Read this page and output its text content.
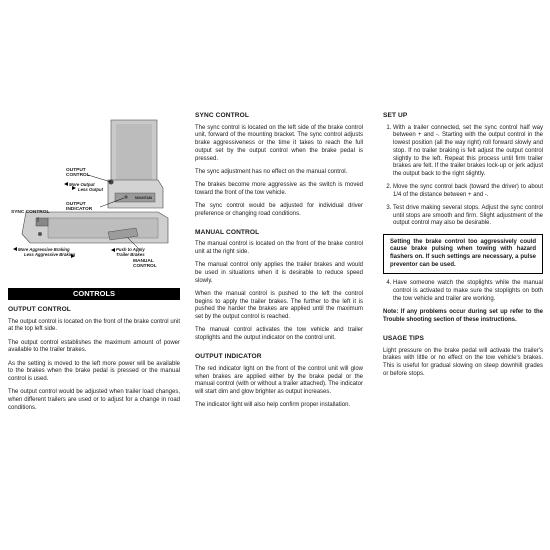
OUTPUT
CONTROL
More Output
Less Output
OUTPUT
INDICATOR
SYNC CONTROL
More Aggressive Braking
Less Aggressive Braking
Push to Apply
Trailer Brakes
MANUAL
CONTROL
MOUNTAIN
CONTROLS
OUTPUT CONTROL

The output control is located on the front of the brake control unit at the top left side.

The output control establishes the maximum amount of power available to the trailer brakes.

As the setting is moved to the left more power will be available to the brakes when the brake pedal is pressed or the manual control is used.

The output control would be adjusted when trailer load changes, when different trailers are used or to adjust for a change in road conditions.

SYNC CONTROL

The sync control is located on the left side of the brake control unit, forward of the mounting bracket. The sync control adjusts brake aggressiveness or the time it takes to reach the full output set by the output control when the brake pedal is pressed.

The sync adjustment has no effect on the manual control.

The brakes become more aggressive as the switch is moved toward the front of the tow vehicle.

The sync control would be adjusted for individual driver preference or changing road conditions.

MANUAL CONTROL

The manual control is located on the front of the brake control unit at the right side.

The manual control only applies the trailer brakes and would be used in situations when it is desirable to reduce speed slowly.

When the manual control is pushed to the left the control begins to apply the trailer brakes. The further to the left it is pushed the harder the brakes are applied until the maximum set by the output control is reached.

The manual control activates the tow vehicle and trailer stoplights and the output indicator on the control unit.

OUTPUT INDICATOR

The red indicator light on the front of the control unit will glow when brakes are applied either by the brake pedal or the manual control (with or without a trailer attached). The indicator will start dim and glow brighter as output increases.

The indicator light will also help confirm proper installation.

SET UP
1. With a trailer connected, set the sync control half way between + and -. Starting with the output control in the lowest position (all the way right) roll forward slowly and stop. If no trailer braking is felt adjust the output control slightly to the left. Repeat this process until firm trailer brakes are felt. If the trailer brakes lock-up or jerk adjust the output back to the right slightly.
2. Move the sync control back (toward the driver) to about 1/4 of the distance between + and -.
3. Test drive making several stops. Adjust the sync control until stops are smooth and firm. Slight adjustment of the output control may also be desirable.
Setting the brake control too aggressively could cause brake pulsing when towing with hazard flashers on. If such settings are necessary, a pulse preventor can be used.
4. Have someone watch the stoplights while the manual control is activated to make sure the stoplights on both the tow vehicle and trailer are working.

Note: If any problems occur during set up refer to the Trouble shooting section of these instructions.

USAGE TIPS

Light pressure on the brake pedal will activate the trailer's brakes with little or no effect on the tow vehicle's brakes. This is useful for gradual slowing on steep downhill grades or before stops.
